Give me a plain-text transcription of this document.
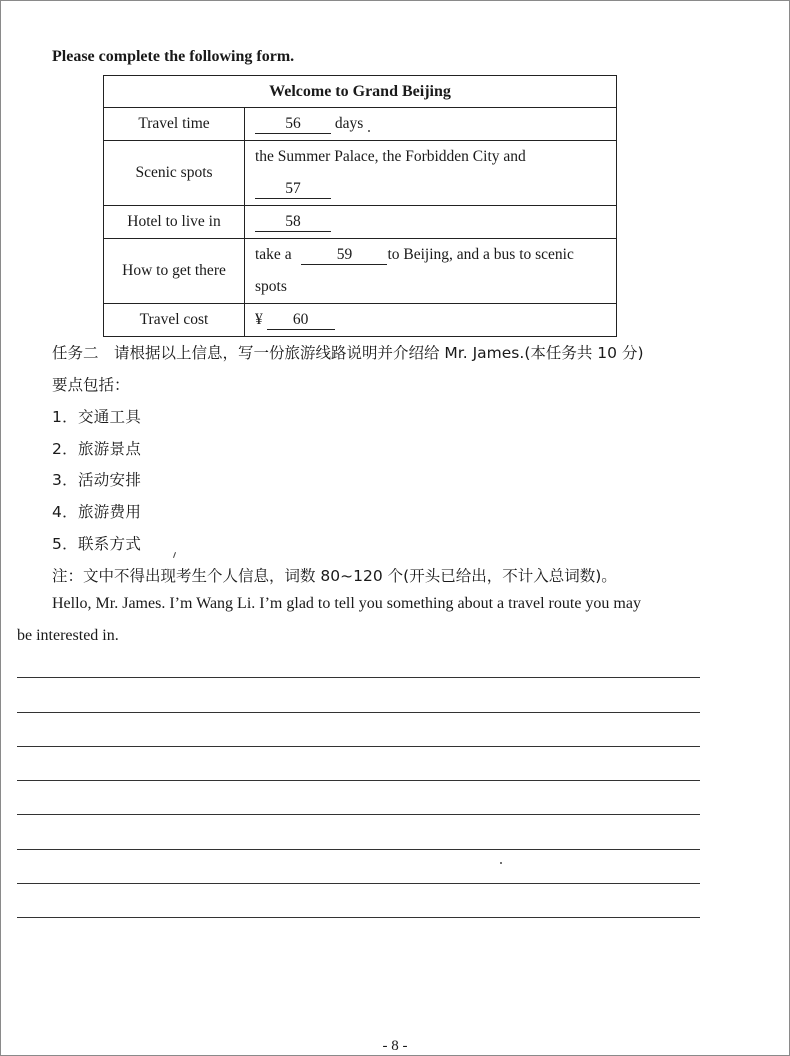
Please complete the following form.
Welcome to Grand Beijing	
Travel time	56 days
Scenic spots	the Summer Palace, the Forbidden City and
57

Hotel to live in	58
How to get there	take a 59 to Beijing, and a bus to scenic
spots

Travel cost	¥ 60
任务二　请根据以上信息，写一份旅游线路说明并介绍给 Mr. James.(本任务共 10 分)
要点包括：
1．交通工具
2．旅游景点
3．活动安排
4．旅游费用
5．联系方式
注：文中不得出现考生个人信息，词数 80~120 个(开头已给出，不计入总词数)。
Hello, Mr. James. I’m Wang Li. I’m glad to tell you something about a travel route you may
be interested in.
- 8 -
